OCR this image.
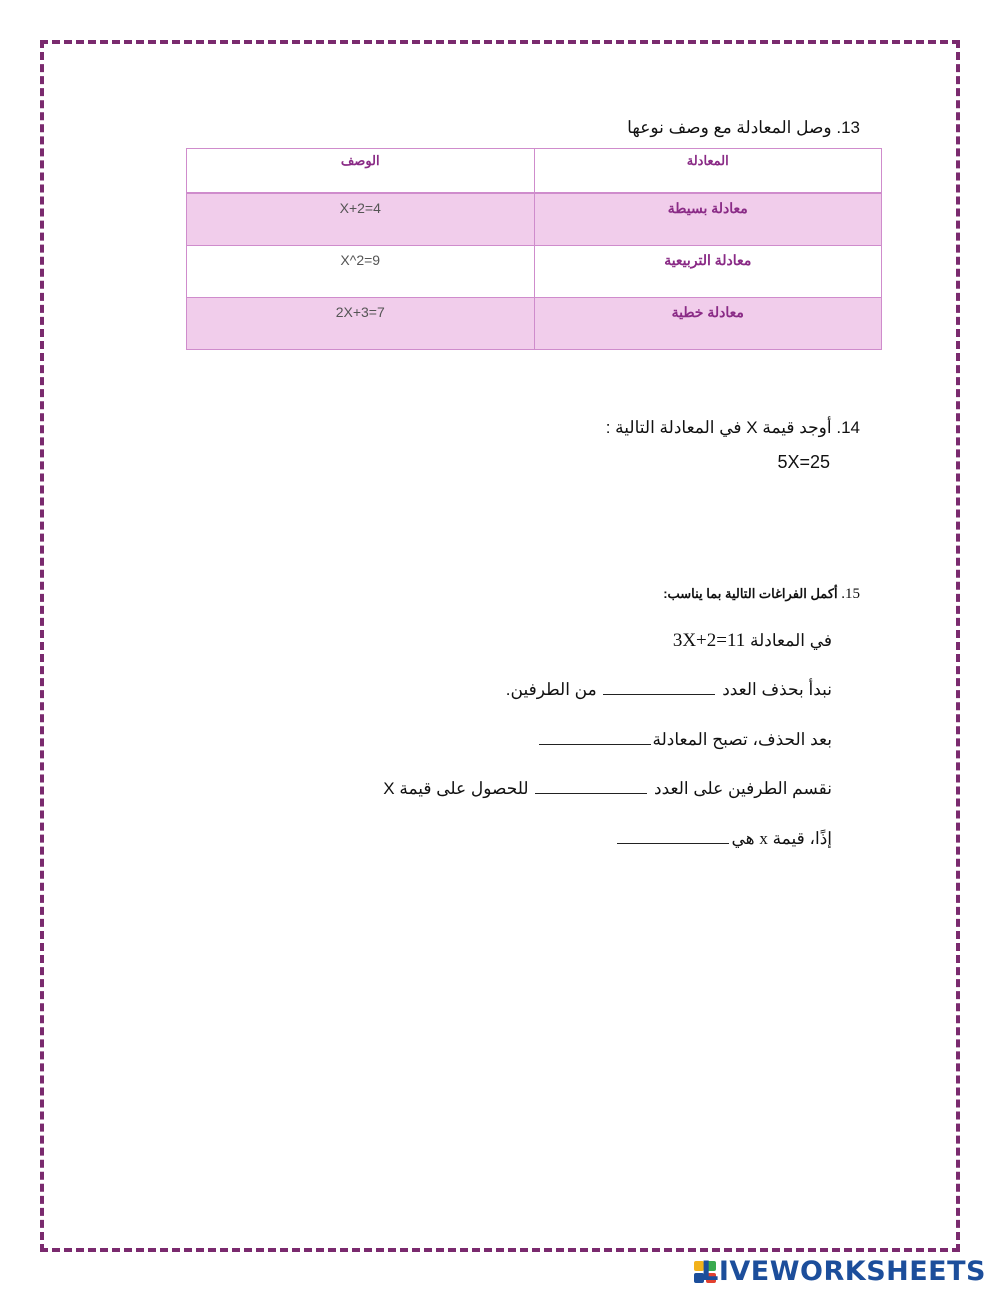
13. وصل المعادلة مع وصف نوعها
الوصف	المعادلة
X+2=4	معادلة بسيطة
X^2=9	معادلة التربيعية
2X+3=7	معادلة خطية
14. أوجد قيمة X في المعادلة التالية :
5X=25
15. أكمل الفراغات التالية بما يناسب:
في المعادلة 3X+2=11
نبدأ بحذف العدد  من الطرفين.
بعد الحذف، تصبح المعادلة
نقسم الطرفين على العدد  للحصول على قيمة X
إذًا، قيمة x هي
LIVEWORKSHEETS
